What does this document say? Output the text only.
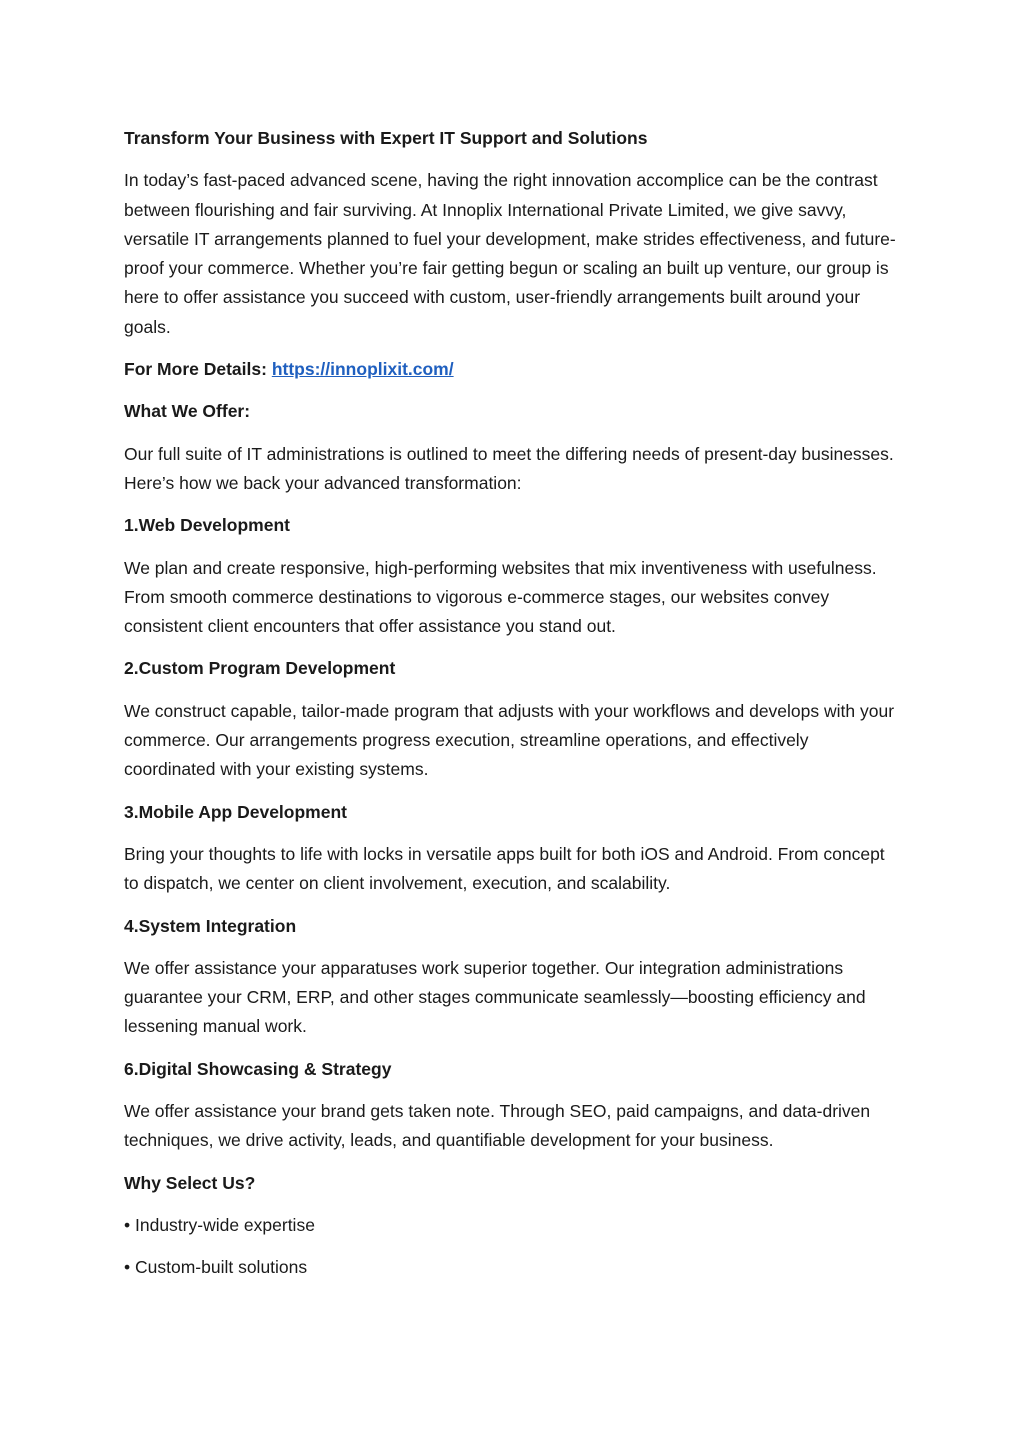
Transform Your Business with Expert IT Support and Solutions

In today’s fast-paced advanced scene, having the right innovation accomplice can be the contrast between flourishing and fair surviving. At Innoplix International Private Limited, we give savvy, versatile IT arrangements planned to fuel your development, make strides effectiveness, and future-proof your commerce. Whether you’re fair getting begun or scaling an built up venture, our group is here to offer assistance you succeed with custom, user-friendly arrangements built around your goals.

For More Details: https://innoplixit.com/

What We Offer:

Our full suite of IT administrations is outlined to meet the differing needs of present-day businesses. Here’s how we back your advanced transformation:

1.Web Development

We plan and create responsive, high-performing websites that mix inventiveness with usefulness. From smooth commerce destinations to vigorous e-commerce stages, our websites convey consistent client encounters that offer assistance you stand out.

2.Custom Program Development

We construct capable, tailor-made program that adjusts with your workflows and develops with your commerce. Our arrangements progress execution, streamline operations, and effectively coordinated with your existing systems.

3.Mobile App Development

Bring your thoughts to life with locks in versatile apps built for both iOS and Android. From concept to dispatch, we center on client involvement, execution, and scalability.

4.System Integration

We offer assistance your apparatuses work superior together. Our integration administrations guarantee your CRM, ERP, and other stages communicate seamlessly—boosting efficiency and lessening manual work.

6.Digital Showcasing & Strategy

We offer assistance your brand gets taken note. Through SEO, paid campaigns, and data-driven techniques, we drive activity, leads, and quantifiable development for your business.

Why Select Us?

• Industry-wide expertise

• Custom-built solutions
